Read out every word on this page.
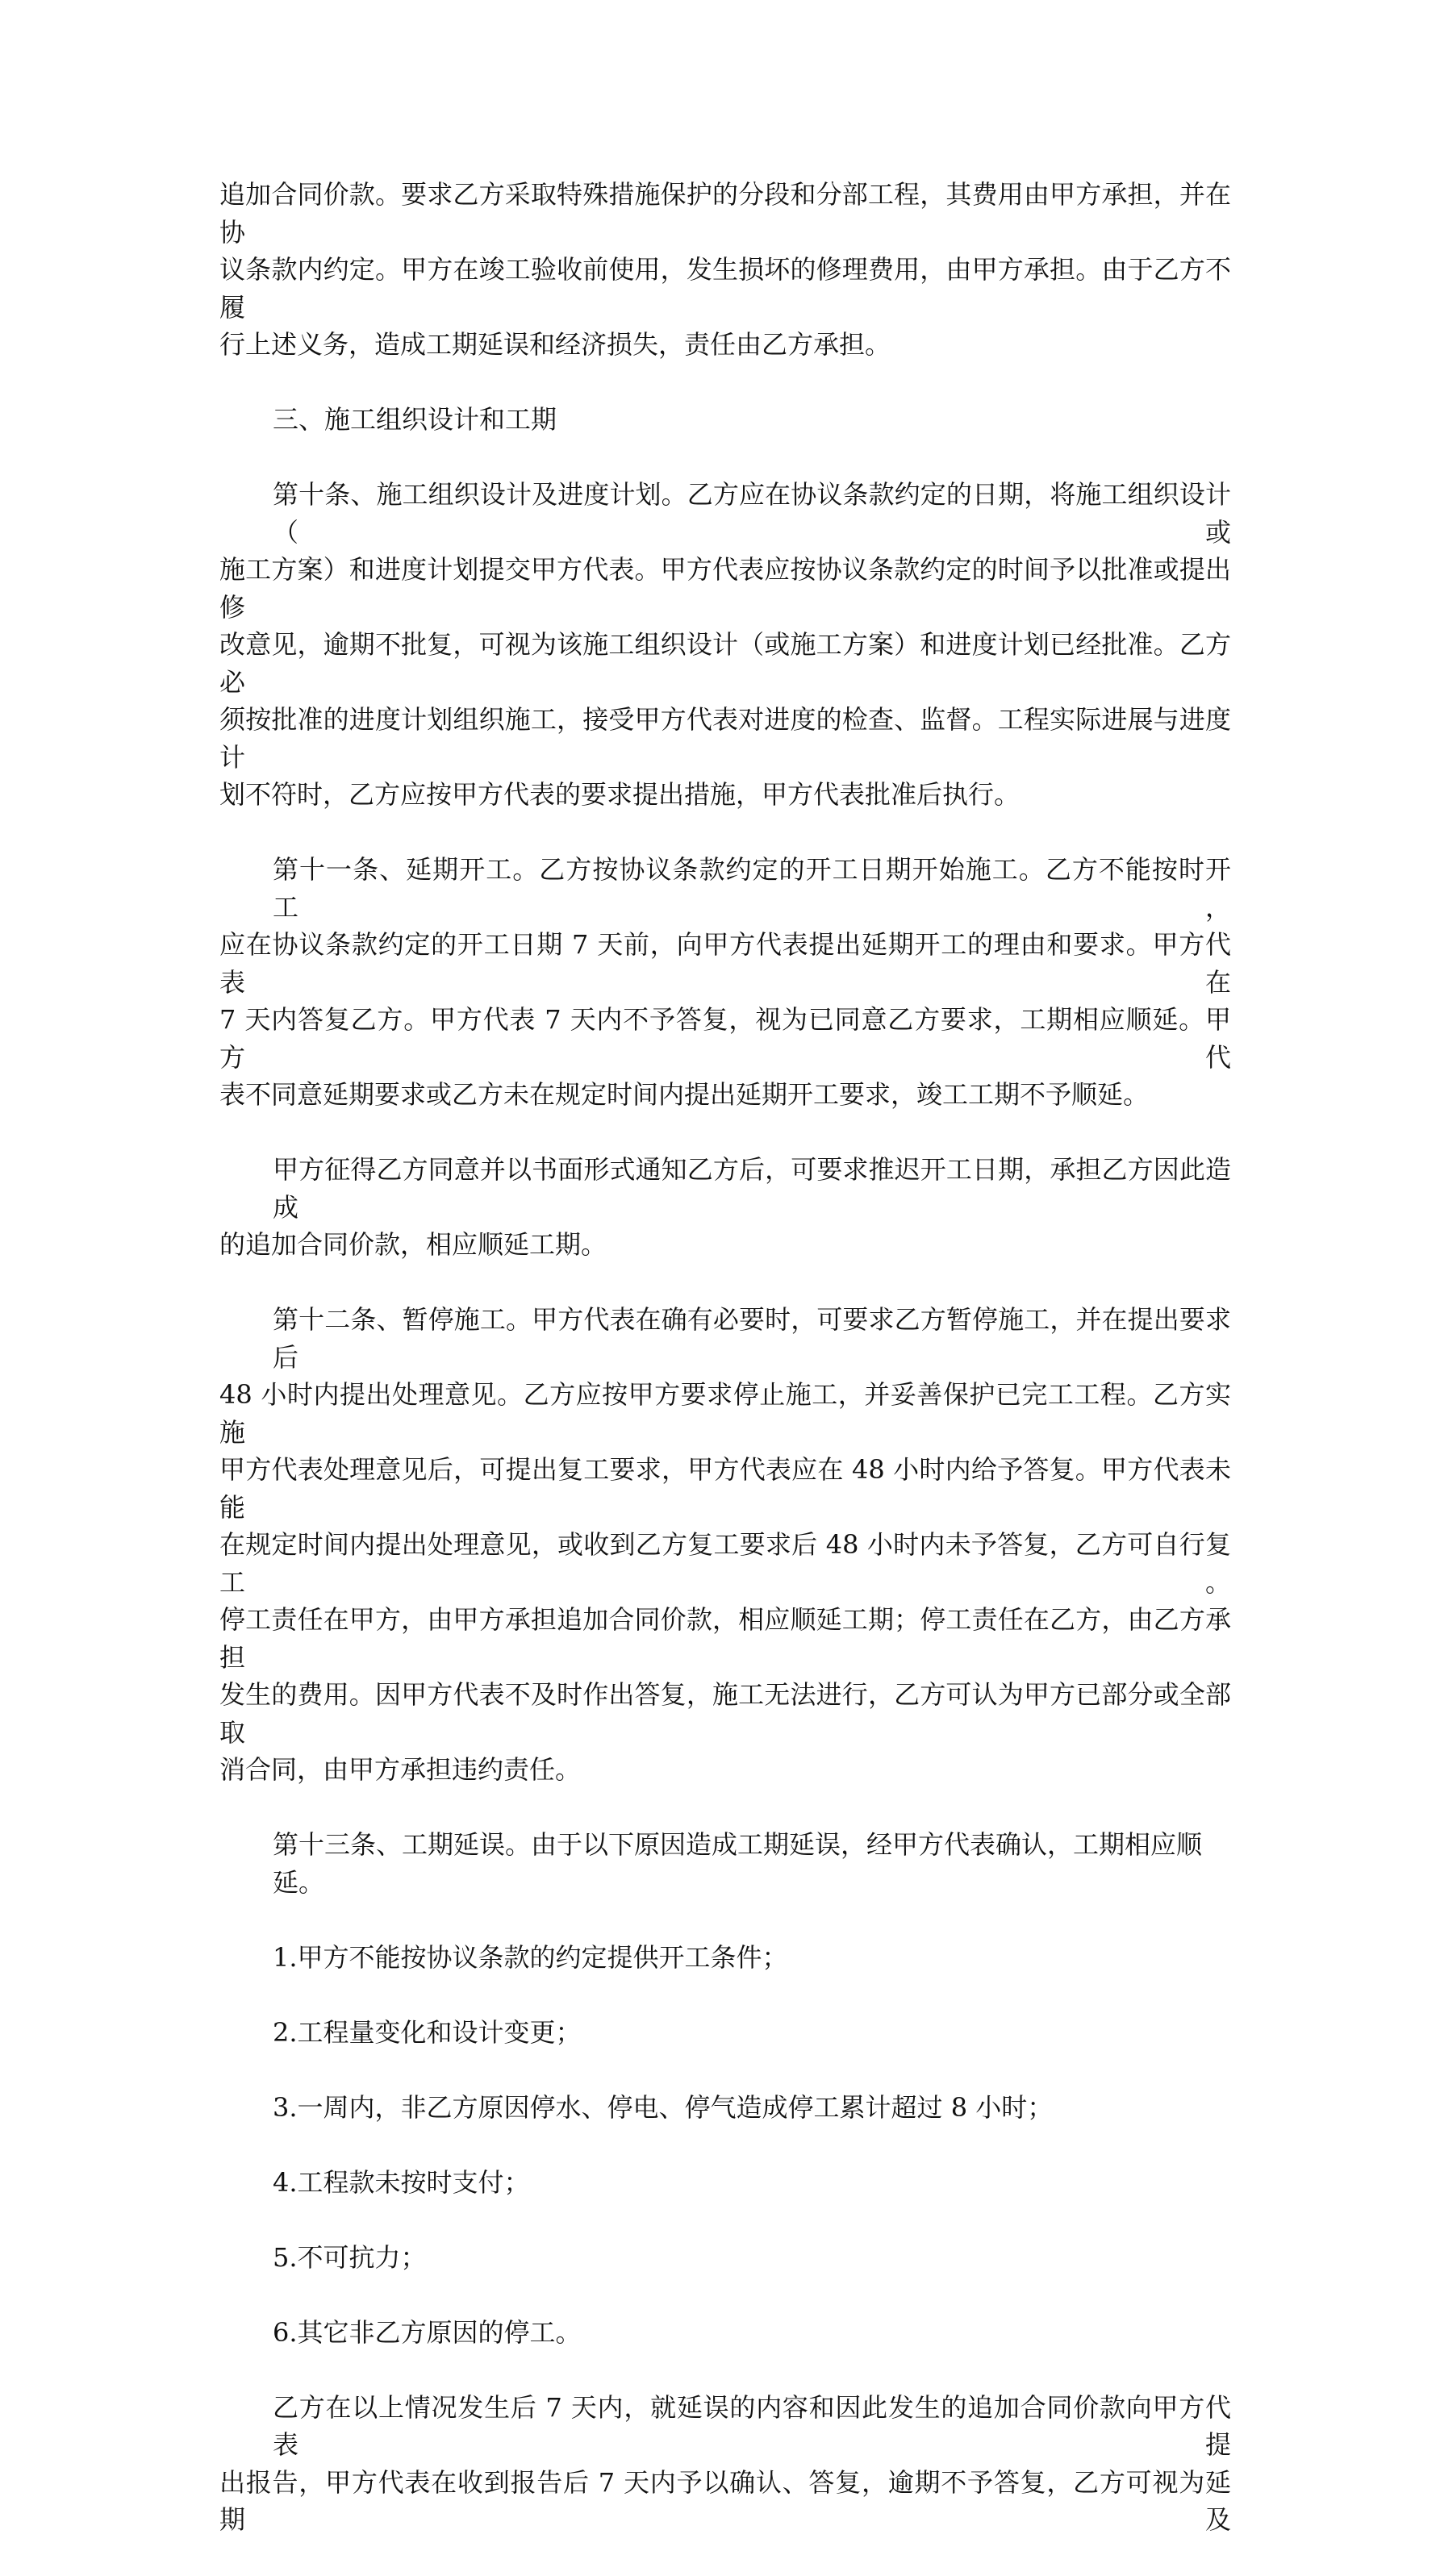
追加合同价款。要求乙方采取特殊措施保护的分段和分部工程，其费用由甲方承担，并在协
议条款内约定。甲方在竣工验收前使用，发生损坏的修理费用，由甲方承担。由于乙方不履
行上述义务，造成工期延误和经济损失，责任由乙方承担。
三、施工组织设计和工期
第十条、施工组织设计及进度计划。乙方应在协议条款约定的日期，将施工组织设计（或
施工方案）和进度计划提交甲方代表。甲方代表应按协议条款约定的时间予以批准或提出修
改意见，逾期不批复，可视为该施工组织设计（或施工方案）和进度计划已经批准。乙方必
须按批准的进度计划组织施工，接受甲方代表对进度的检查、监督。工程实际进展与进度计
划不符时，乙方应按甲方代表的要求提出措施，甲方代表批准后执行。
第十一条、延期开工。乙方按协议条款约定的开工日期开始施工。乙方不能按时开工，
应在协议条款约定的开工日期 7 天前，向甲方代表提出延期开工的理由和要求。甲方代表在
7 天内答复乙方。甲方代表 7 天内不予答复，视为已同意乙方要求，工期相应顺延。甲方代
表不同意延期要求或乙方未在规定时间内提出延期开工要求，竣工工期不予顺延。
甲方征得乙方同意并以书面形式通知乙方后，可要求推迟开工日期，承担乙方因此造成
的追加合同价款，相应顺延工期。
第十二条、暂停施工。甲方代表在确有必要时，可要求乙方暂停施工，并在提出要求后
48 小时内提出处理意见。乙方应按甲方要求停止施工，并妥善保护已完工工程。乙方实施
甲方代表处理意见后，可提出复工要求，甲方代表应在 48 小时内给予答复。甲方代表未能
在规定时间内提出处理意见，或收到乙方复工要求后 48 小时内未予答复，乙方可自行复工。
停工责任在甲方，由甲方承担追加合同价款，相应顺延工期；停工责任在乙方，由乙方承担
发生的费用。因甲方代表不及时作出答复，施工无法进行，乙方可认为甲方已部分或全部取
消合同，由甲方承担违约责任。
第十三条、工期延误。由于以下原因造成工期延误，经甲方代表确认，工期相应顺延。
1.甲方不能按协议条款的约定提供开工条件；
2.工程量变化和设计变更；
3.一周内，非乙方原因停水、停电、停气造成停工累计超过 8 小时；
4.工程款未按时支付；
5.不可抗力；
6.其它非乙方原因的停工。
乙方在以上情况发生后 7 天内，就延误的内容和因此发生的追加合同价款向甲方代表提
出报告，甲方代表在收到报告后 7 天内予以确认、答复，逾期不予答复，乙方可视为延期及
